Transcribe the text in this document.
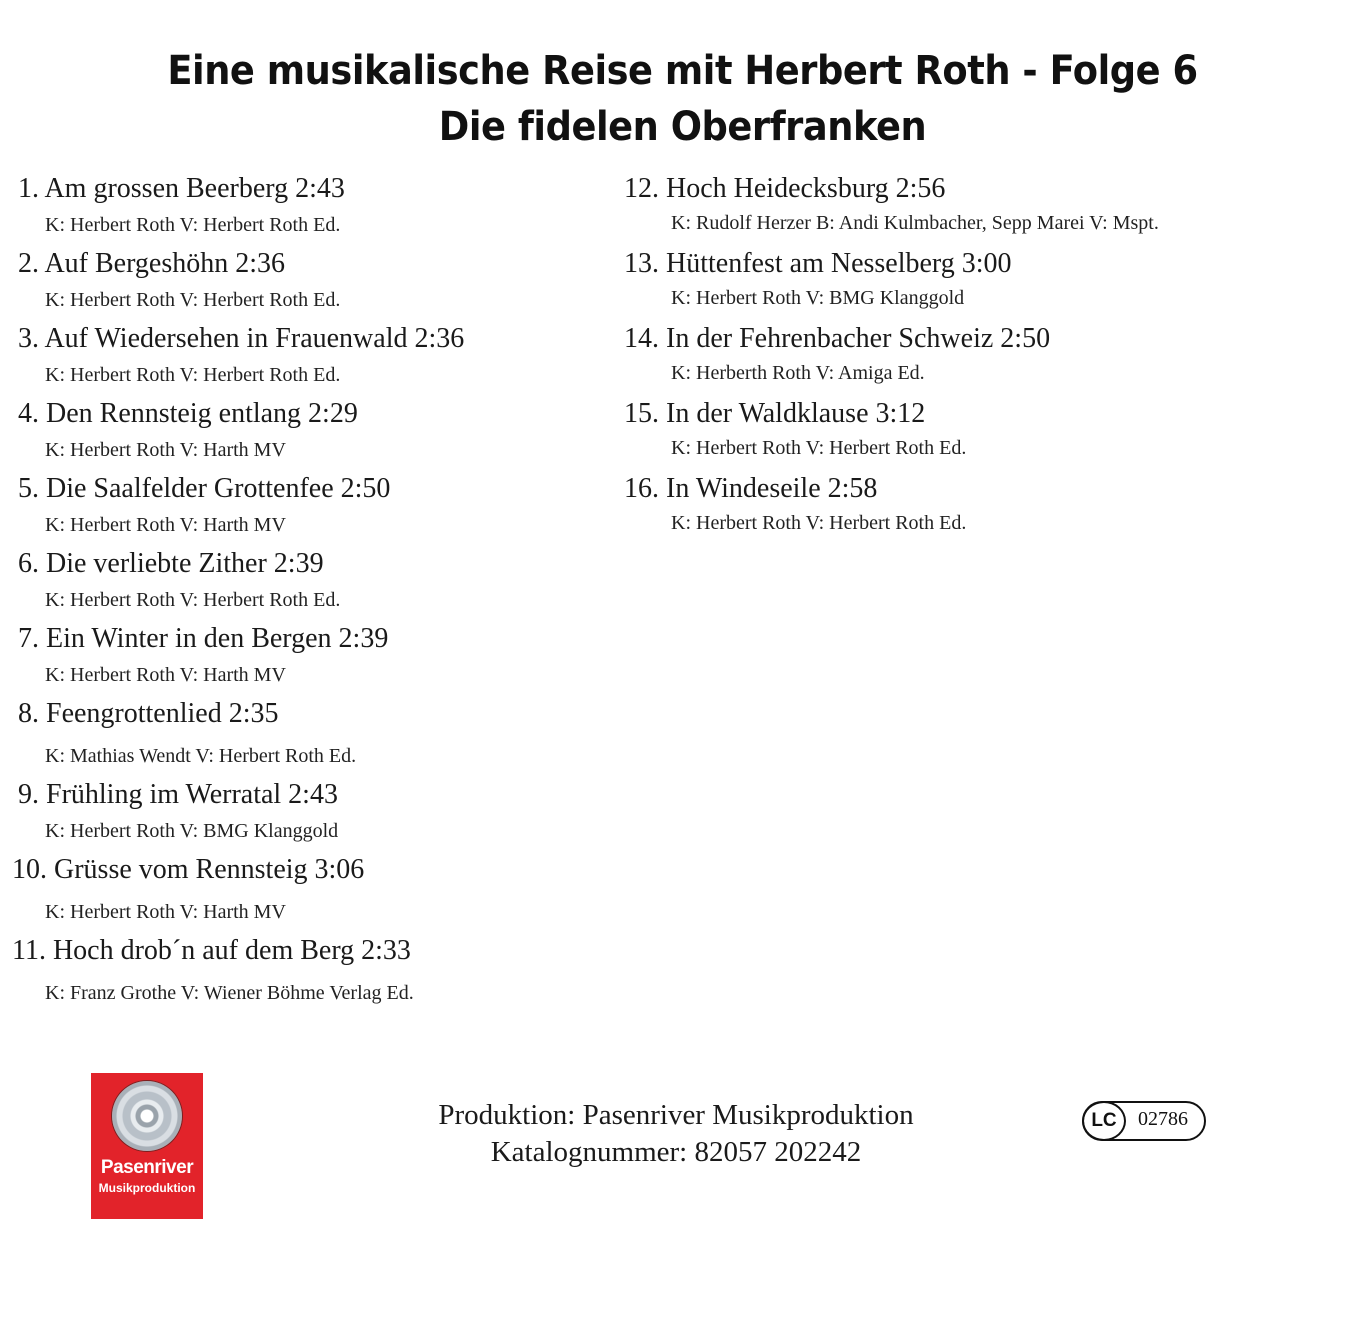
Eine musikalische Reise mit Herbert Roth - Folge 6
Die fidelen Oberfranken
1. Am grossen Beerberg 2:43
K: Herbert Roth V: Herbert Roth Ed.
2. Auf Bergeshöhn 2:36
K: Herbert Roth V: Herbert Roth Ed.
3. Auf Wiedersehen in Frauenwald 2:36
K: Herbert Roth V: Herbert Roth Ed.
4. Den Rennsteig entlang 2:29
K: Herbert Roth V: Harth MV
5. Die Saalfelder Grottenfee 2:50
K: Herbert Roth V: Harth MV
6. Die verliebte Zither 2:39
K: Herbert Roth V: Herbert Roth Ed.
7. Ein Winter in den Bergen 2:39
K: Herbert Roth V: Harth MV
8. Feengrottenlied 2:35
K: Mathias Wendt V: Herbert Roth Ed.
9. Frühling im Werratal 2:43
K: Herbert Roth V: BMG Klanggold
10. Grüsse vom Rennsteig 3:06
K: Herbert Roth V: Harth MV
11. Hoch drob´n auf dem Berg 2:33
K: Franz Grothe V: Wiener Böhme Verlag Ed.
12. Hoch Heidecksburg 2:56
K: Rudolf Herzer B: Andi Kulmbacher, Sepp Marei V: Mspt.
13. Hüttenfest am Nesselberg 3:00
K: Herbert Roth V: BMG Klanggold
14. In der Fehrenbacher Schweiz 2:50
K: Herberth Roth V: Amiga Ed.
15. In der Waldklause 3:12
K: Herbert Roth V: Herbert Roth Ed.
16. In Windeseile 2:58
K: Herbert Roth V: Herbert Roth Ed.
Pasenriver
Musikproduktion
Produktion: Pasenriver Musikproduktion
Katalognummer: 82057 202242
LC	02786
